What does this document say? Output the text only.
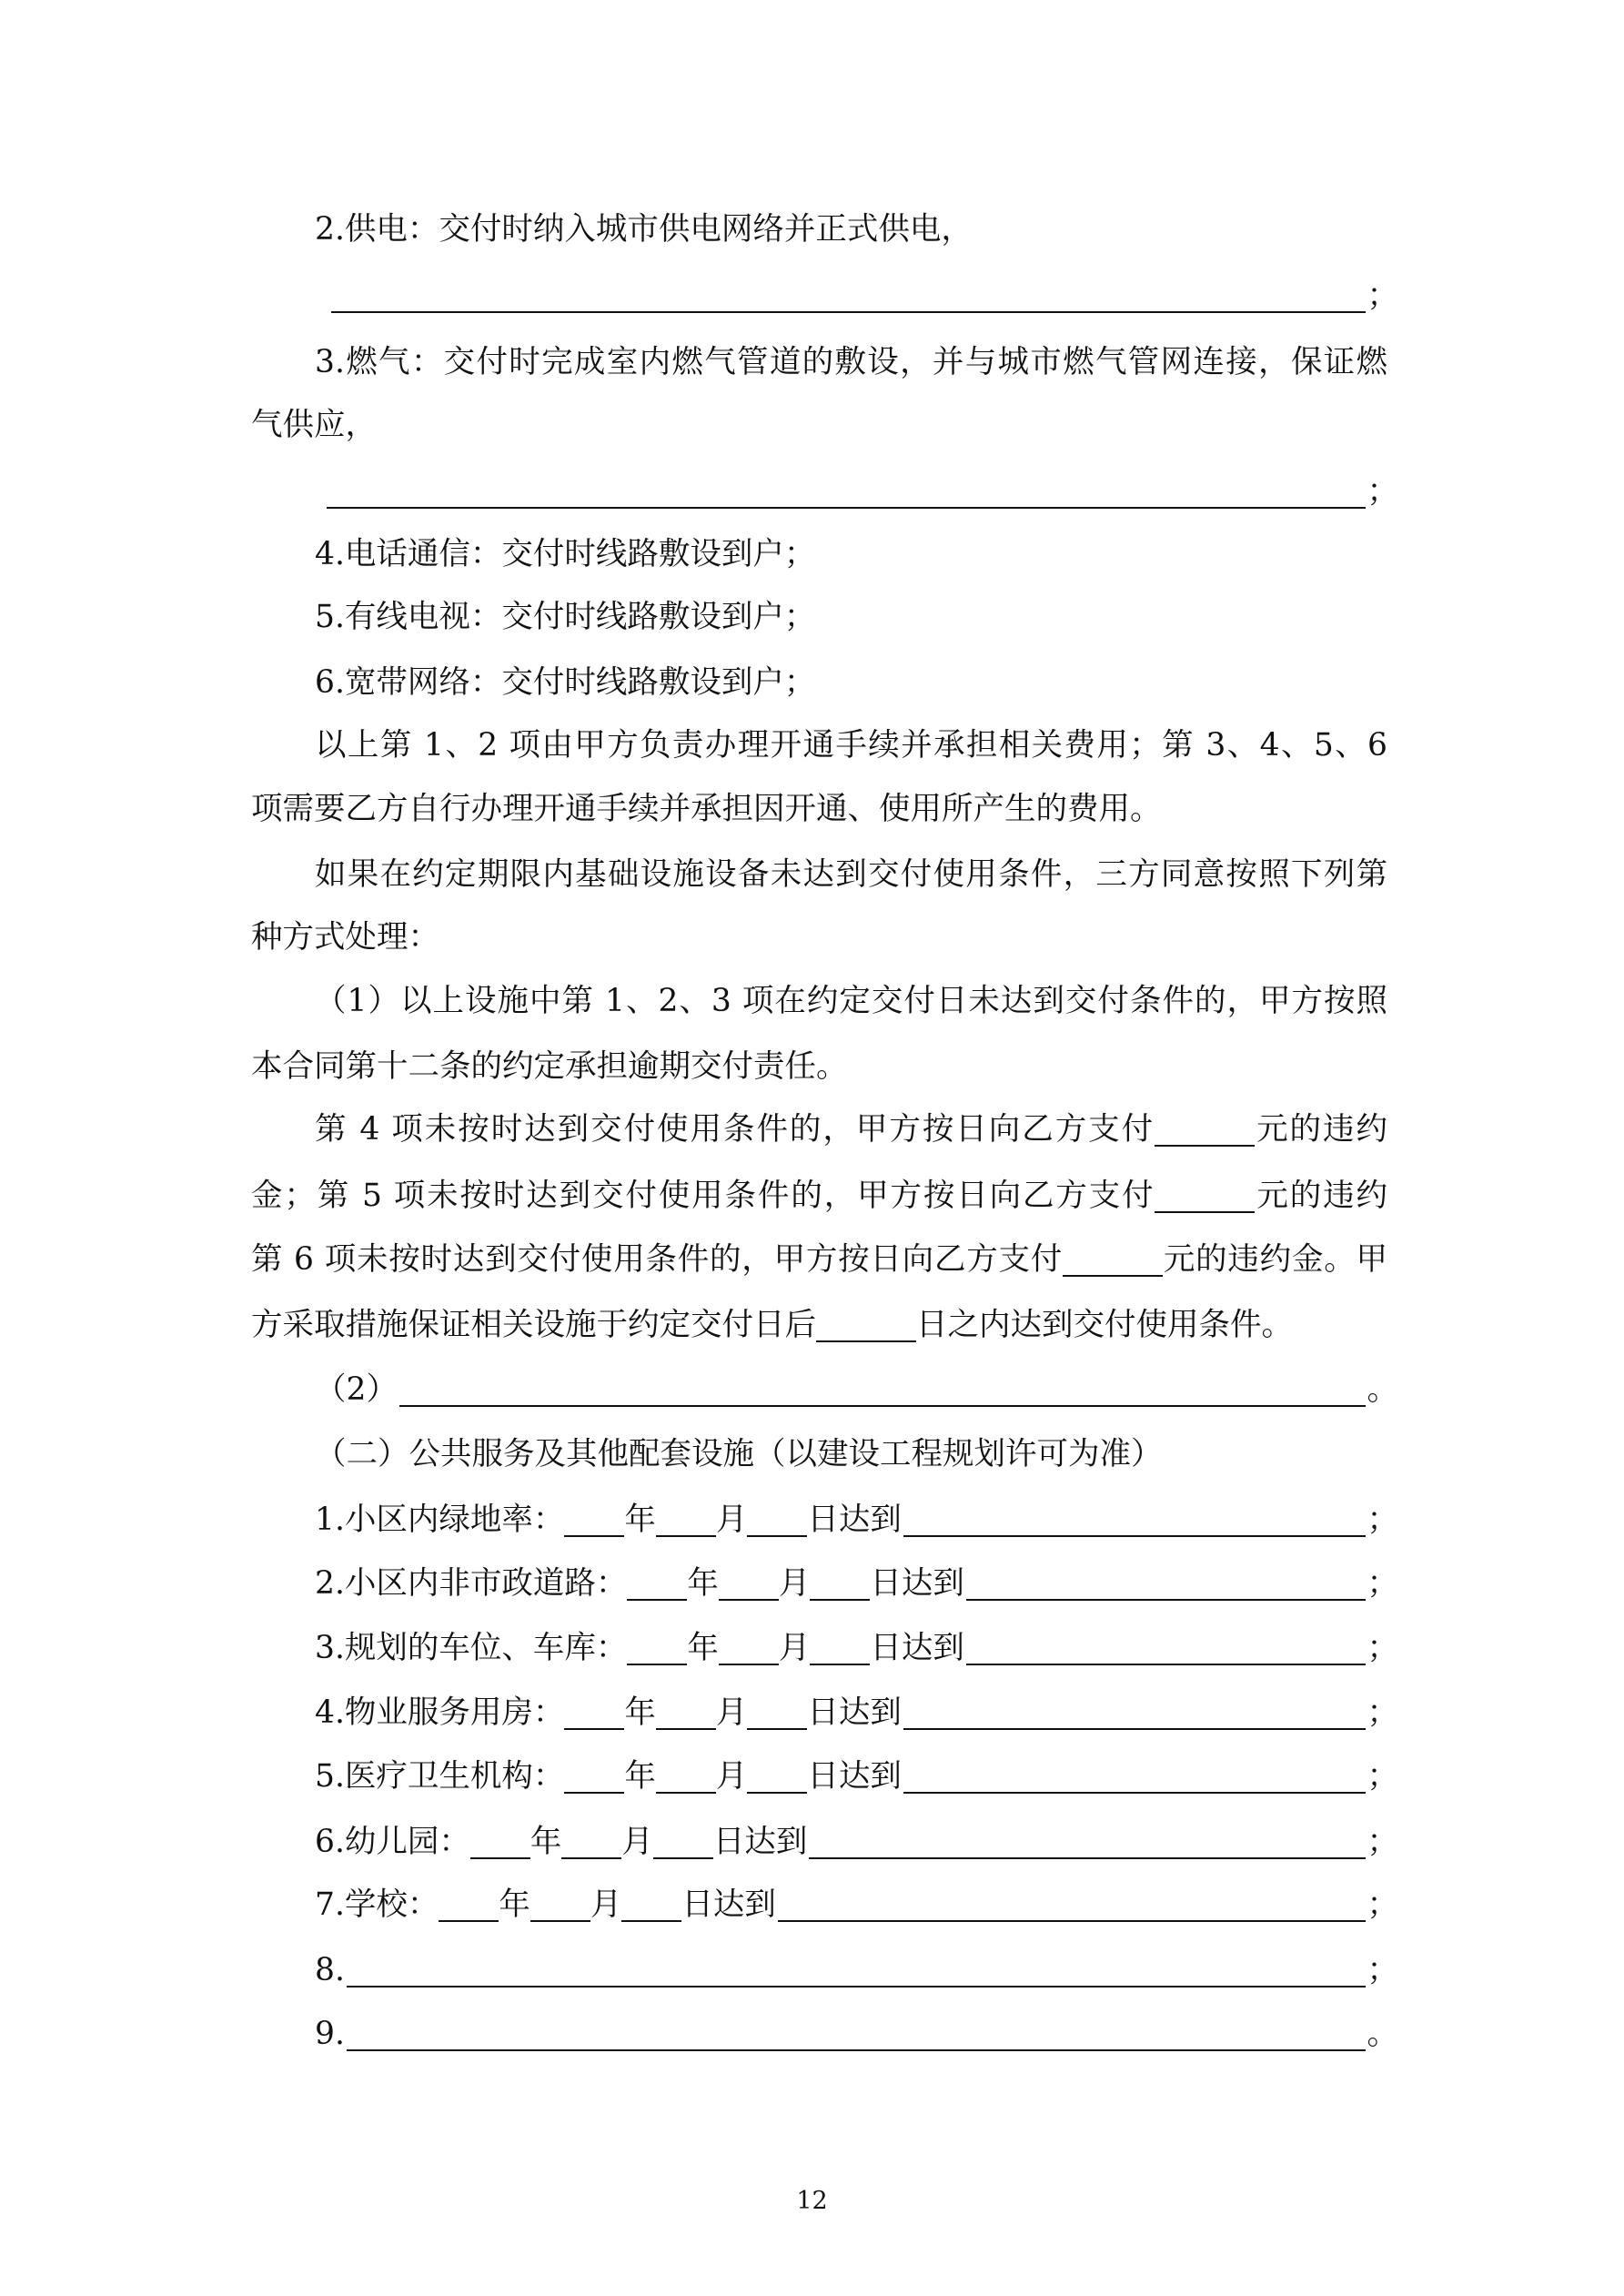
2.供电：交付时纳入城市供电网络并正式供电，
；
3.燃气：交付时完成室内燃气管道的敷设，并与城市燃气管网连接，保证燃
气供应，
；
4.电话通信：交付时线路敷设到户；
5.有线电视：交付时线路敷设到户；
6.宽带网络：交付时线路敷设到户；
以上第 1、2 项由甲方负责办理开通手续并承担相关费用；第 3、4、5、6
项需要乙方自行办理开通手续并承担因开通、使用所产生的费用。
如果在约定期限内基础设施设备未达到交付使用条件，三方同意按照下列第
种方式处理：
（1）以上设施中第 1、2、3 项在约定交付日未达到交付条件的，甲方按照
本合同第十二条的约定承担逾期交付责任。
第 4 项未按时达到交付使用条件的，甲方按日向乙方支付	元的违约
金；第 5 项未按时达到交付使用条件的，甲方按日向乙方支付	元的违约
第 6 项未按时达到交付使用条件的，甲方按日向乙方支付	元的违约金。甲
方采取措施保证相关设施于约定交付日后	日之内达到交付使用条件。
（2）	。
（二）公共服务及其他配套设施（以建设工程规划许可为准）
1.小区内绿地率： 年 月 日达到	；
2.小区内非市政道路： 年 月 日达到	；
3.规划的车位、车库： 年 月 日达到	；
4.物业服务用房： 年 月 日达到	；
5.医疗卫生机构： 年 月 日达到	；
6.幼儿园： 年 月 日达到	；
7.学校： 年 月 日达到	；
8.	；
9.	。
12
